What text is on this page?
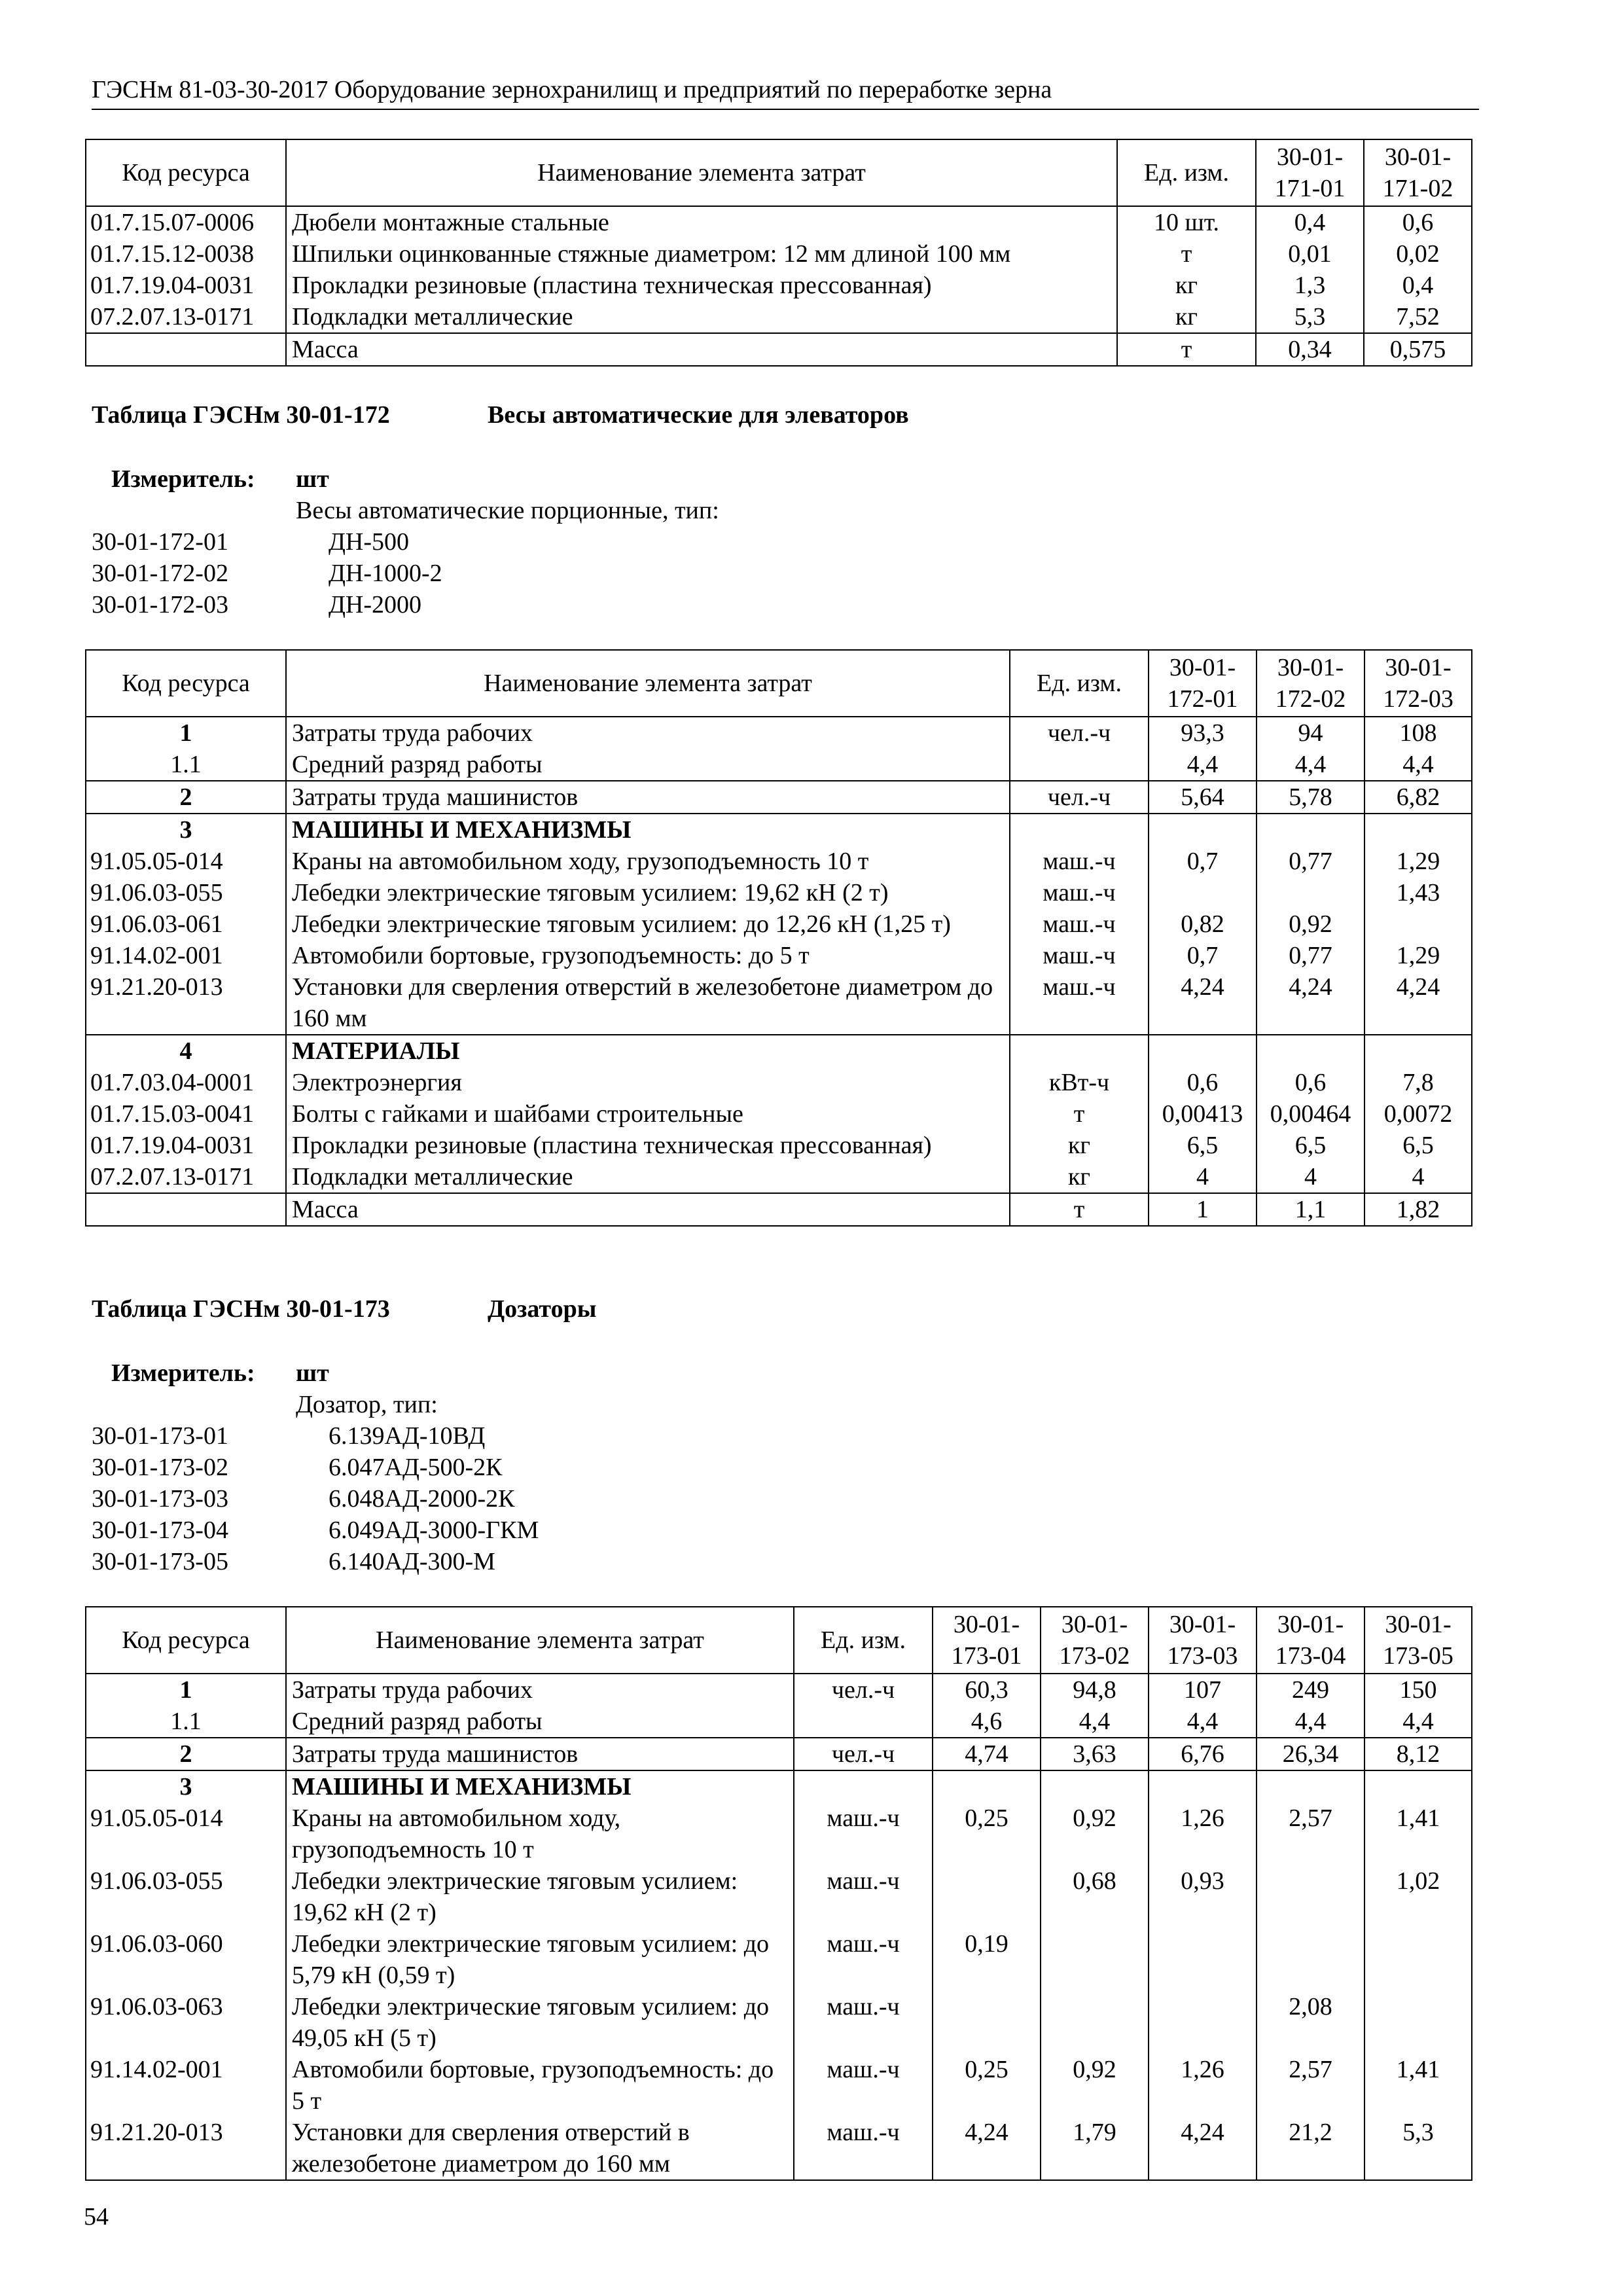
ГЭСНм 81-03-30-2017 Оборудование зернохранилищ и предприятий по переработке зерна
Код ресурса	Наименование элемента затрат	Ед. изм.	30-01-171-01	30-01-171-02
01.7.15.07-0006	Дюбели монтажные стальные	10 шт.	0,4	0,6
01.7.15.12-0038	Шпильки оцинкованные стяжные диаметром: 12 мм длиной 100 мм	т	0,01	0,02
01.7.19.04-0031	Прокладки резиновые (пластина техническая прессованная)	кг	1,3	0,4
07.2.07.13-0171	Подкладки металлические	кг	5,3	7,52
	Масса	т	0,34	0,575
Таблица ГЭСНм 30-01-172	Весы автоматические для элеваторов
Измеритель: шт
Весы автоматические порционные, тип:
30-01-172-01	ДН-500
30-01-172-02	ДН-1000-2
30-01-172-03	ДН-2000
Код ресурса	Наименование элемента затрат	Ед. изм.	30-01-172-01	30-01-172-02	30-01-172-03
1	Затраты труда рабочих	чел.-ч	93,3	94	108
1.1	Средний разряд работы		4,4	4,4	4,4
2	Затраты труда машинистов	чел.-ч	5,64	5,78	6,82
3	МАШИНЫ И МЕХАНИЗМЫ				
91.05.05-014	Краны на автомобильном ходу, грузоподъемность 10 т	маш.-ч	0,7	0,77	1,29
91.06.03-055	Лебедки электрические тяговым усилием: 19,62 кН (2 т)	маш.-ч			1,43
91.06.03-061	Лебедки электрические тяговым усилием: до 12,26 кН (1,25 т)	маш.-ч	0,82	0,92	
91.14.02-001	Автомобили бортовые, грузоподъемность: до 5 т	маш.-ч	0,7	0,77	1,29
91.21.20-013	Установки для сверления отверстий в железобетоне диаметром до 160 мм	маш.-ч	4,24	4,24	4,24
4	МАТЕРИАЛЫ				
01.7.03.04-0001	Электроэнергия	кВт-ч	0,6	0,6	7,8
01.7.15.03-0041	Болты с гайками и шайбами строительные	т	0,00413	0,00464	0,0072
01.7.19.04-0031	Прокладки резиновые (пластина техническая прессованная)	кг	6,5	6,5	6,5
07.2.07.13-0171	Подкладки металлические	кг	4	4	4
	Масса	т	1	1,1	1,82
Таблица ГЭСНм 30-01-173	Дозаторы
Измеритель: шт
Дозатор, тип:
30-01-173-01	6.139АД-10ВД
30-01-173-02	6.047АД-500-2К
30-01-173-03	6.048АД-2000-2К
30-01-173-04	6.049АД-3000-ГКМ
30-01-173-05	6.140АД-300-М
Код ресурса	Наименование элемента затрат	Ед. изм.	30-01-173-01	30-01-173-02	30-01-173-03	30-01-173-04	30-01-173-05
1	Затраты труда рабочих	чел.-ч	60,3	94,8	107	249	150
1.1	Средний разряд работы		4,6	4,4	4,4	4,4	4,4
2	Затраты труда машинистов	чел.-ч	4,74	3,63	6,76	26,34	8,12
3	МАШИНЫ И МЕХАНИЗМЫ						
91.05.05-014	Краны на автомобильном ходу, грузоподъемность 10 т	маш.-ч	0,25	0,92	1,26	2,57	1,41
91.06.03-055	Лебедки электрические тяговым усилием: 19,62 кН (2 т)	маш.-ч		0,68	0,93		1,02
91.06.03-060	Лебедки электрические тяговым усилием: до 5,79 кН (0,59 т)	маш.-ч	0,19				
91.06.03-063	Лебедки электрические тяговым усилием: до 49,05 кН (5 т)	маш.-ч				2,08	
91.14.02-001	Автомобили бортовые, грузоподъемность: до 5 т	маш.-ч	0,25	0,92	1,26	2,57	1,41
91.21.20-013	Установки для сверления отверстий в железобетоне диаметром до 160 мм	маш.-ч	4,24	1,79	4,24	21,2	5,3
54
